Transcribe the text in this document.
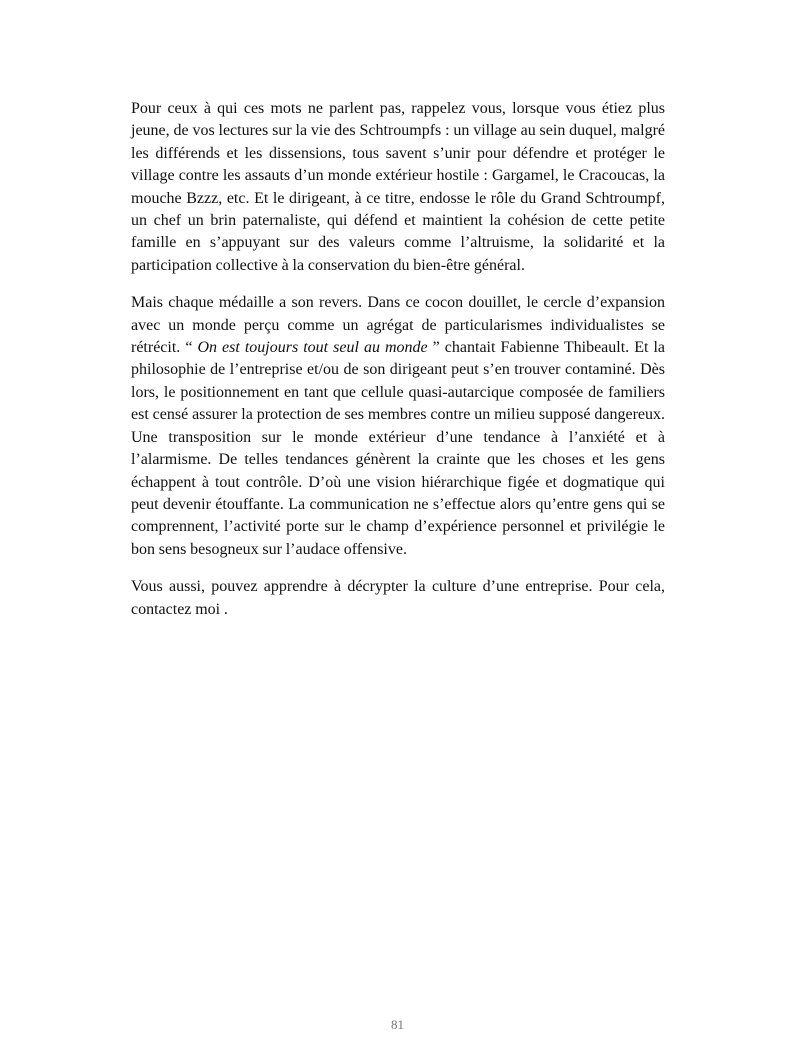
Pour ceux à qui ces mots ne parlent pas, rappelez vous, lorsque vous étiez plus jeune, de vos lectures sur la vie des Schtroumpfs : un village au sein duquel, malgré les différends et les dissensions, tous savent s’unir pour défendre et protéger le village contre les assauts d’un monde extérieur hostile : Gargamel, le Cracoucas, la mouche Bzzz, etc. Et le dirigeant, à ce titre, endosse le rôle du Grand Schtroumpf, un chef un brin paternaliste, qui défend et maintient la cohésion de cette petite famille en s’appuyant sur des valeurs comme l’altruisme, la solidarité et la participation collective à la conservation du bien-être général.

Mais chaque médaille a son revers. Dans ce cocon douillet, le cercle d’expansion avec un monde perçu comme un agrégat de particularismes individualistes se rétrécit. “ On est toujours tout seul au monde ” chantait Fabienne Thibeault. Et la philosophie de l’entreprise et/ou de son dirigeant peut s’en trouver contaminé. Dès lors, le positionnement en tant que cellule quasi-autarcique composée de familiers est censé assurer la protection de ses membres contre un milieu supposé dangereux. Une transposition sur le monde extérieur d’une tendance à l’anxiété et à l’alarmisme. De telles tendances génèrent la crainte que les choses et les gens échappent à tout contrôle. D’où une vision hiérarchique figée et dogmatique qui peut devenir étouffante. La communication ne s’effectue alors qu’entre gens qui se comprennent, l’activité porte sur le champ d’expérience personnel et privilégie le bon sens besogneux sur l’audace offensive.

Vous aussi, pouvez apprendre à décrypter la culture d’une entreprise. Pour cela, contactez moi .

81
